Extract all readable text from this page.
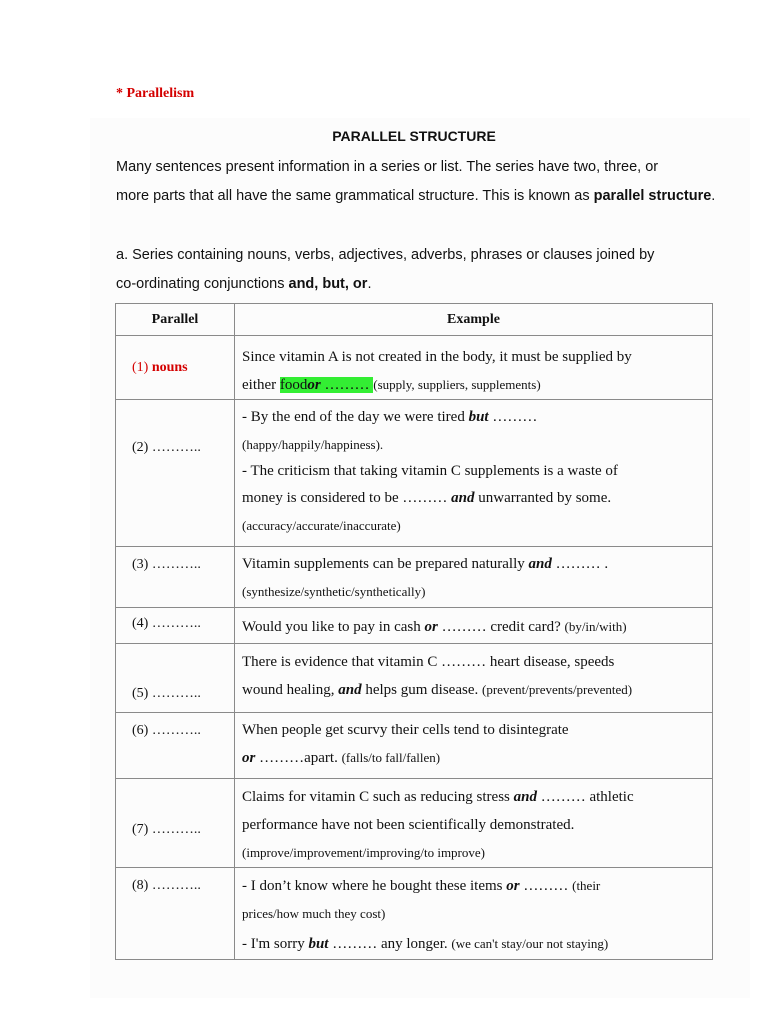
* Parallelism
PARALLEL STRUCTURE
Many sentences present information in a series or list. The series have two, three, or
more parts that all have the same grammatical structure. This is known as parallel structure.
a. Series containing nouns, verbs, adjectives, adverbs, phrases or clauses joined by
co-ordinating conjunctions and, but, or.
Parallel	Example

(1) nouns	Since vitamin A is not created in the body, it must be supplied by
either foodor ……… (supply, suppliers, supplements)

(2) ………..	- By the end of the day we were tired but ………
(happy/happily/happiness).
- The criticism that taking vitamin C supplements is a waste of
money is considered to be ……… and unwarranted by some.
(accuracy/accurate/inaccurate)

(3) ………..	Vitamin supplements can be prepared naturally and ……… .
(synthesize/synthetic/synthetically)

(4) ………..	Would you like to pay in cash or ……… credit card? (by/in/with)

(5) ………..	There is evidence that vitamin C ……… heart disease, speeds
wound healing, and helps gum disease. (prevent/prevents/prevented)

(6) ………..	When people get scurvy their cells tend to disintegrate
or ………apart. (falls/to fall/fallen)

(7) ………..	Claims for vitamin C such as reducing stress and ……… athletic
performance have not been scientifically demonstrated.
(improve/improvement/improving/to improve)

(8) ………..	- I don’t know where he bought these items or ……… (their
prices/how much they cost)
- I'm sorry but ……… any longer. (we can't stay/our not staying)
